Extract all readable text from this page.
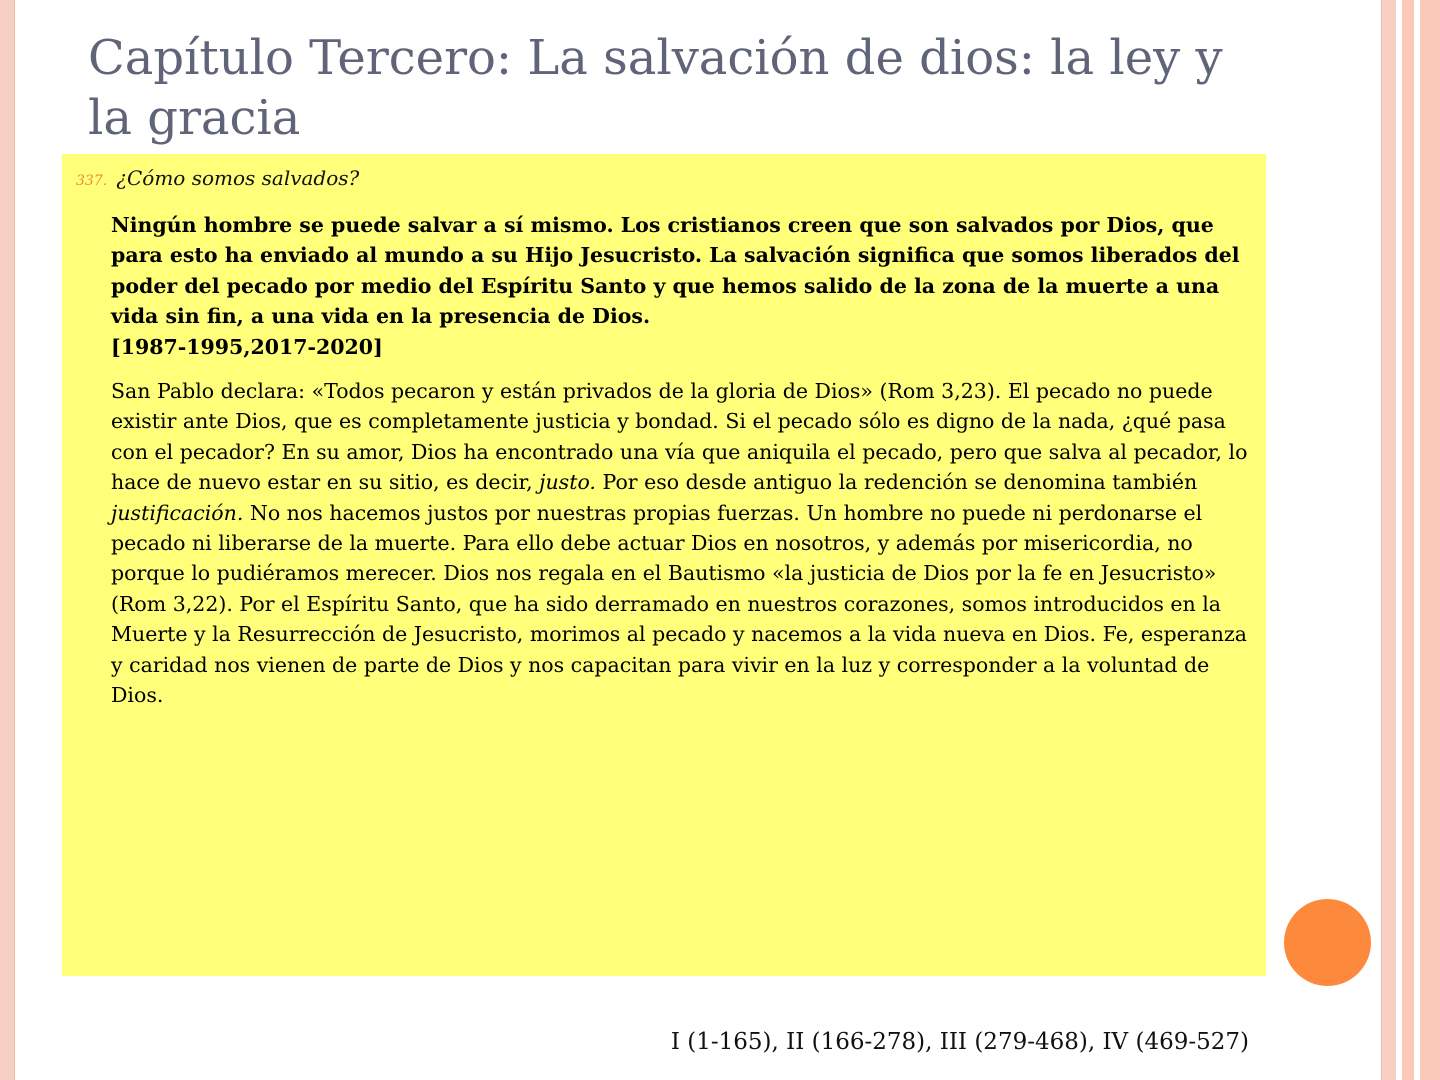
Capítulo Tercero: La salvación de dios: la ley y la gracia
337. ¿Cómo somos salvados?

Ningún hombre se puede salvar a sí mismo. Los cristianos creen que son salvados por Dios, que para esto ha enviado al mundo a su Hijo Jesucristo. La salvación significa que somos liberados del poder del pecado por medio del Espíritu Santo y que hemos salido de la zona de la muerte a una vida sin fin, a una vida en la presencia de Dios.
[1987-1995,2017-2020]

San Pablo declara: «Todos pecaron y están privados de la gloria de Dios» (Rom 3,23). El pecado no puede existir ante Dios, que es completamente justicia y bondad. Si el pecado sólo es digno de la nada, ¿qué pasa con el pecador? En su amor, Dios ha encontrado una vía que aniquila el pecado, pero que salva al pecador, lo hace de nuevo estar en su sitio, es decir, justo. Por eso desde antiguo la redención se denomina también justificación. No nos hacemos justos por nuestras propias fuerzas. Un hombre no puede ni perdonarse el pecado ni liberarse de la muerte. Para ello debe actuar Dios en nosotros, y además por misericordia, no porque lo pudiéramos merecer. Dios nos regala en el Bautismo «la justicia de Dios por la fe en Jesucristo» (Rom 3,22). Por el Espíritu Santo, que ha sido derramado en nuestros corazones, somos introducidos en la Muerte y la Resurrección de Jesucristo, morimos al pecado y nacemos a la vida nueva en Dios. Fe, esperanza y caridad nos vienen de parte de Dios y nos capacitan para vivir en la luz y corresponder a la voluntad de Dios.

I (1-165), II (166-278), III (279-468), IV (469-527)
